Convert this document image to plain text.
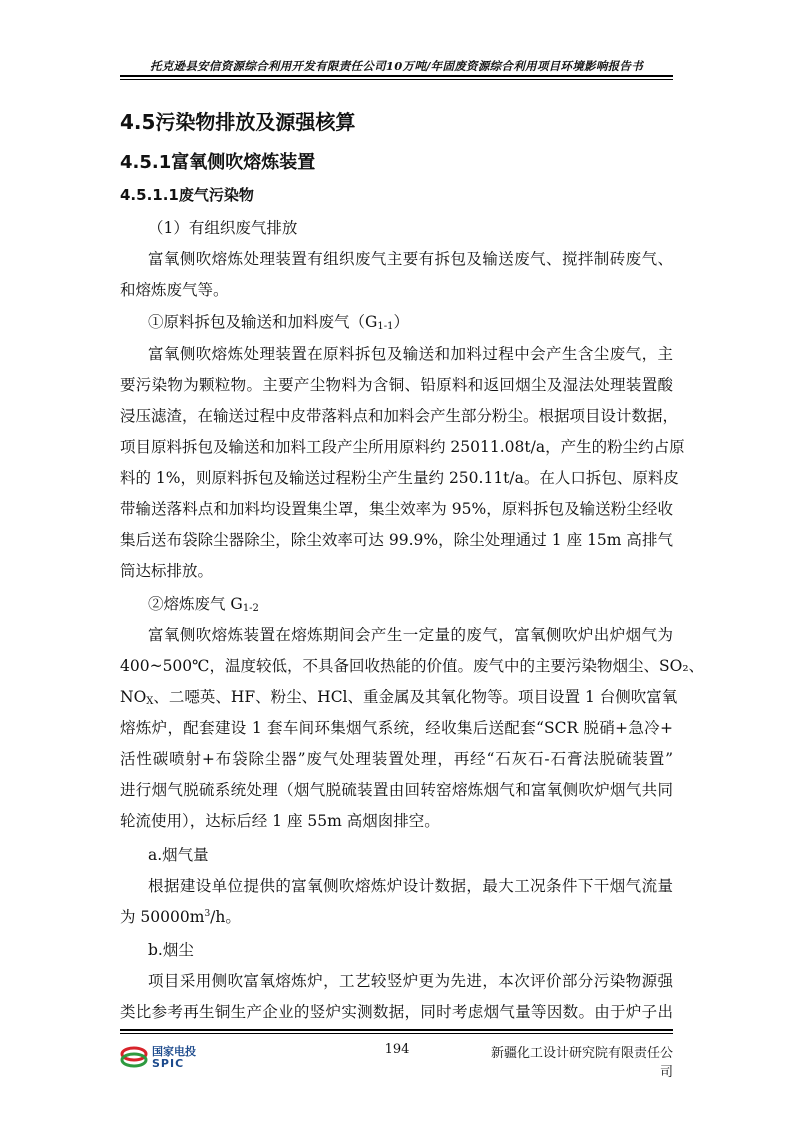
托克逊县安信资源综合利用开发有限责任公司10万吨/年固废资源综合利用项目环境影响报告书
4.5污染物排放及源强核算
4.5.1富氧侧吹熔炼装置
4.5.1.1废气污染物
（1）有组织废气排放
富氧侧吹熔炼处理装置有组织废气主要有拆包及输送废气、搅拌制砖废气、
和熔炼废气等。
①原料拆包及输送和加料废气$(G_{1-1})$
富氧侧吹熔炼处理装置在原料拆包及输送和加料过程中会产生含尘废气，主
要污染物为颗粒物。主要产尘物料为含铜、铅原料和返回烟尘及湿法处理装置酸
浸压滤渣，在输送过程中皮带落料点和加料会产生部分粉尘。根据项目设计数据，
项目原料拆包及输送和加料工段产尘所用原料约 25011.08t/a，产生的粉尘约占原
料的 1%，则原料拆包及输送过程粉尘产生量约 250.11t/a。在人口拆包、原料皮
带输送落料点和加料均设置集尘罩，集尘效率为 95%，原料拆包及输送粉尘经收
集后送布袋除尘器除尘，除尘效率可达 99.9%，除尘处理通过 1 座 15m 高排气
筒达标排放。
②熔炼废气 $G_{1-2}$
富氧侧吹熔炼装置在熔炼期间会产生一定量的废气，富氧侧吹炉出炉烟气为
400~500℃，温度较低，不具备回收热能的价值。废气中的主要污染物烟尘、SO₂、
$NO_X$、二噁英、HF、粉尘、HCl、重金属及其氧化物等。项目设置 1 台侧吹富氧
熔炼炉，配套建设 1 套车间环集烟气系统，经收集后送配套“SCR 脱硝+急冷+
活性碳喷射+布袋除尘器”废气处理装置处理，再经“石灰石-石膏法脱硫装置”
进行烟气脱硫系统处理（烟气脱硫装置由回转窑熔炼烟气和富氧侧吹炉烟气共同
轮流使用），达标后经 1 座 55m 高烟囱排空。
a.烟气量
根据建设单位提供的富氧侧吹熔炼炉设计数据，最大工况条件下干烟气流量
为 $50000m^3/h$。
b.烟尘
项目采用侧吹富氧熔炼炉，工艺较竖炉更为先进，本次评价部分污染物源强
类比参考再生铜生产企业的竖炉实测数据，同时考虑烟气量等因数。由于炉子出
国家电投
SPIC
194	新疆化工设计研究院有限责任公司
